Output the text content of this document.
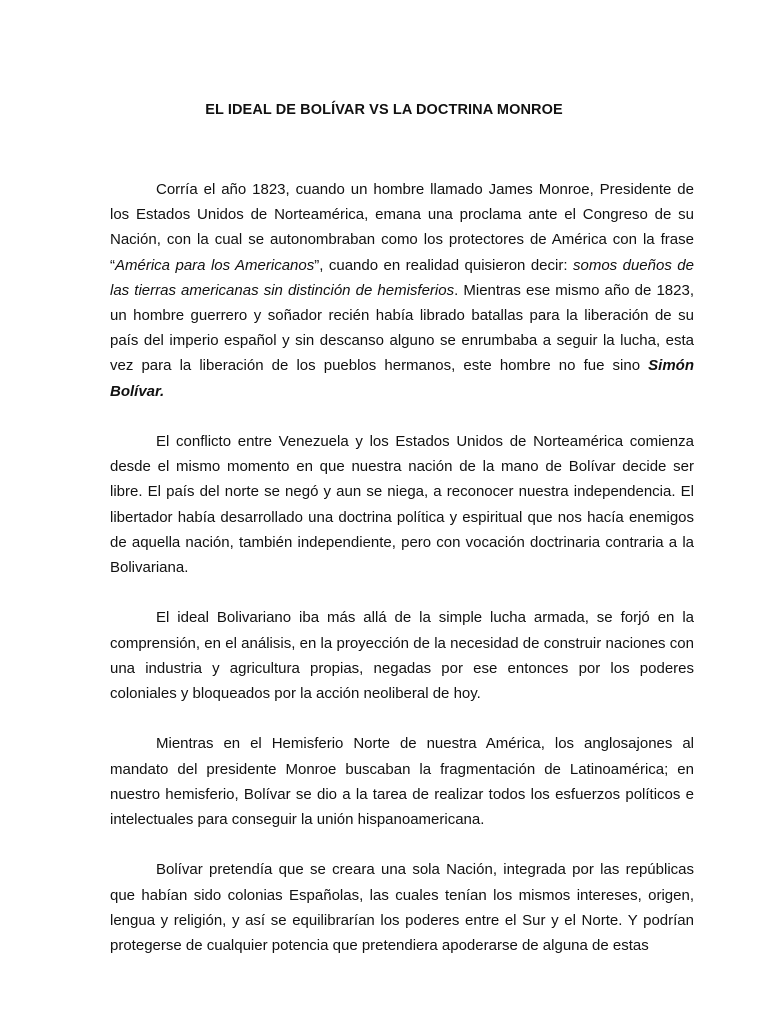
EL IDEAL DE BOLÍVAR VS LA DOCTRINA MONROE

Corría el año 1823, cuando un hombre llamado James Monroe, Presidente de los Estados Unidos de Norteamérica, emana una proclama ante el Congreso de su Nación, con la cual se autonombraban como los protectores de América con la frase “América para los Americanos”, cuando en realidad quisieron decir: somos dueños de las tierras americanas sin distinción de hemisferios. Mientras ese mismo año de 1823, un hombre guerrero y soñador recién había librado batallas para la liberación de su país del imperio español y sin descanso alguno se enrumbaba a seguir la lucha, esta vez para la liberación de los pueblos hermanos, este hombre no fue sino Simón Bolívar.

El conflicto entre Venezuela y los Estados Unidos de Norteamérica comienza desde el mismo momento en que nuestra nación de la mano de Bolívar decide ser libre. El país del norte se negó y aun se niega, a reconocer nuestra independencia. El libertador había desarrollado una doctrina política y espiritual que nos hacía enemigos de aquella nación, también independiente, pero con vocación doctrinaria contraria a la Bolivariana.

El ideal Bolivariano iba más allá de la simple lucha armada, se forjó en la comprensión, en el análisis, en la proyección de la necesidad de construir naciones con una industria y agricultura propias, negadas por ese entonces por los poderes coloniales y bloqueados por la acción neoliberal de hoy.

Mientras en el Hemisferio Norte de nuestra América, los anglosajones al mandato del presidente Monroe buscaban la fragmentación de Latinoamérica; en nuestro hemisferio, Bolívar se dio a la tarea de realizar todos los esfuerzos políticos e intelectuales para conseguir la unión hispanoamericana.

Bolívar pretendía que se creara una sola Nación, integrada por las repúblicas que habían sido colonias Españolas, las cuales tenían los mismos intereses, origen, lengua y religión, y así se equilibrarían los poderes entre el Sur y el Norte. Y podrían protegerse de cualquier potencia que pretendiera apoderarse de alguna de estas
